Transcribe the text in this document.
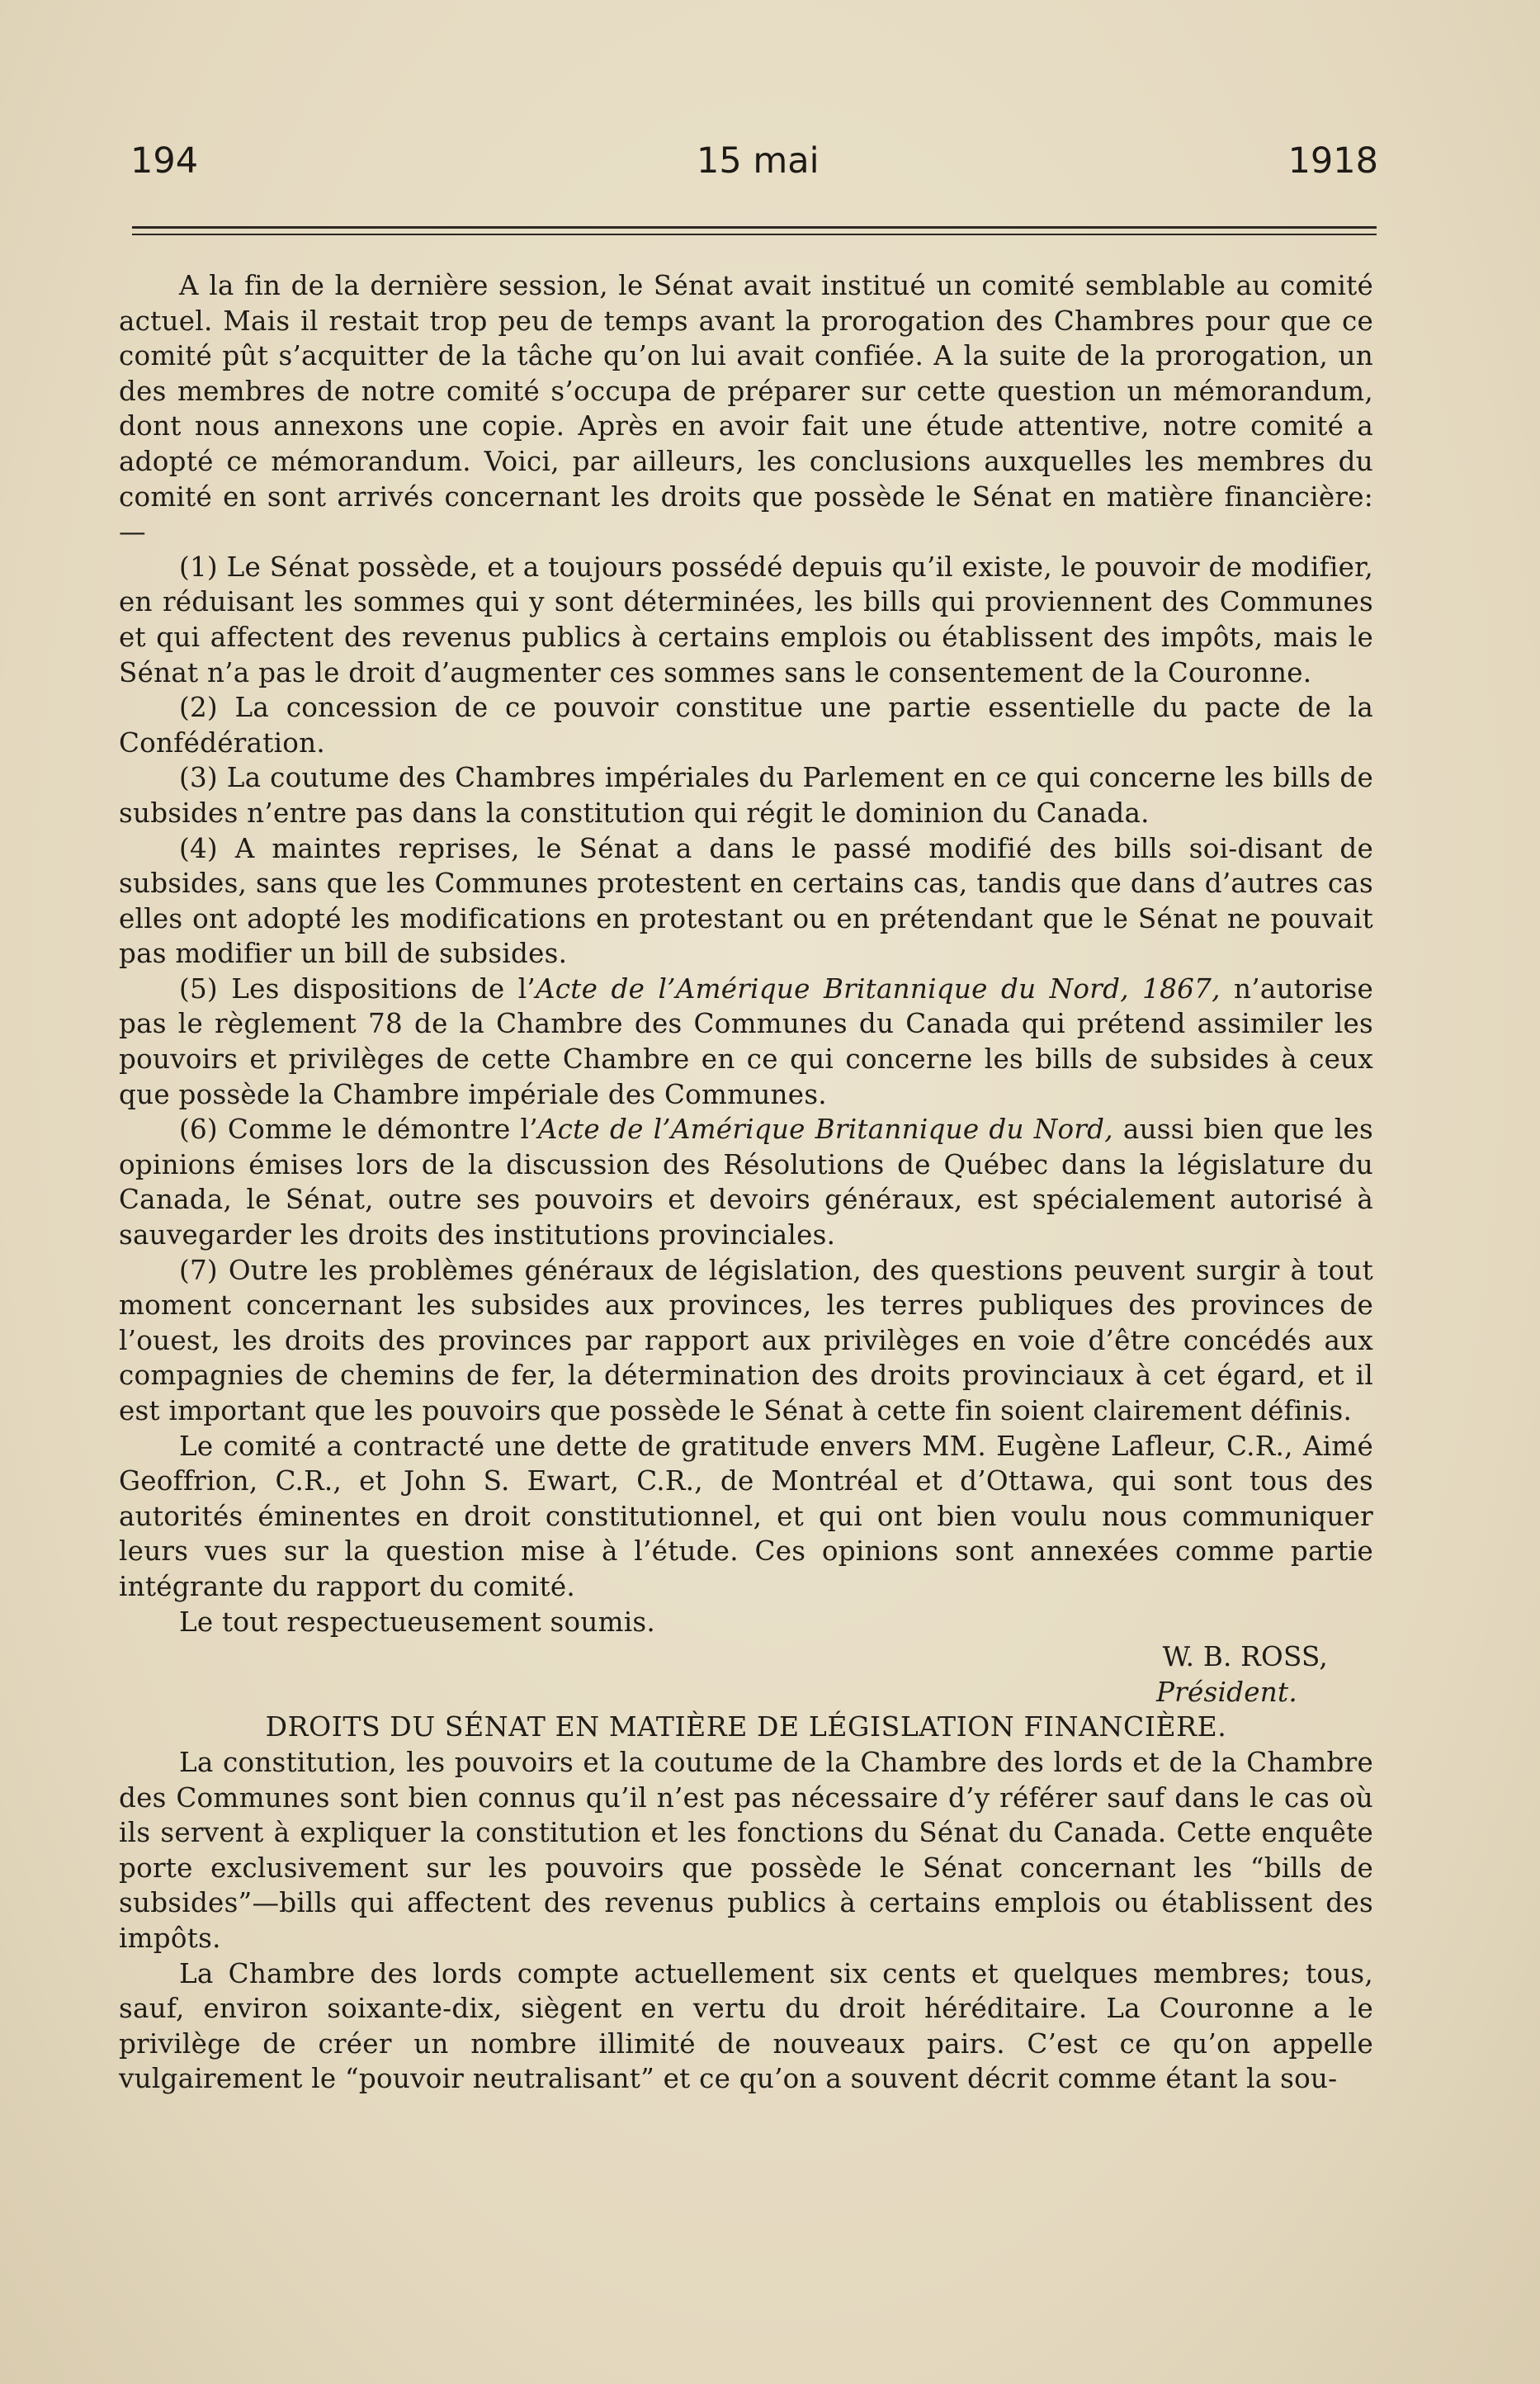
194	15 mai	1918

A la fin de la dernière session, le Sénat avait institué un comité semblable au comité actuel. Mais il restait trop peu de temps avant la prorogation des Chambres pour que ce comité pût s’acquitter de la tâche qu’on lui avait confiée. A la suite de la prorogation, un des membres de notre comité s’occupa de préparer sur cette question un mémorandum, dont nous annexons une copie. Après en avoir fait une étude attentive, notre comité a adopté ce mémorandum. Voici, par ailleurs, les conclusions auxquelles les membres du comité en sont arrivés concernant les droits que possède le Sénat en matière financière:—

(1) Le Sénat possède, et a toujours possédé depuis qu’il existe, le pouvoir de modifier, en réduisant les sommes qui y sont déterminées, les bills qui proviennent des Communes et qui affectent des revenus publics à certains emplois ou établissent des impôts, mais le Sénat n’a pas le droit d’augmenter ces sommes sans le consentement de la Couronne.

(2) La concession de ce pouvoir constitue une partie essentielle du pacte de la Confédération.

(3) La coutume des Chambres impériales du Parlement en ce qui concerne les bills de subsides n’entre pas dans la constitution qui régit le dominion du Canada.

(4) A maintes reprises, le Sénat a dans le passé modifié des bills soi-disant de subsides, sans que les Communes protestent en certains cas, tandis que dans d’autres cas elles ont adopté les modifications en protestant ou en prétendant que le Sénat ne pouvait pas modifier un bill de subsides.

(5) Les dispositions de l’Acte de l’Amérique Britannique du Nord, 1867, n’autorise pas le règlement 78 de la Chambre des Communes du Canada qui prétend assimiler les pouvoirs et privilèges de cette Chambre en ce qui concerne les bills de subsides à ceux que possède la Chambre impériale des Communes.

(6) Comme le démontre l’Acte de l’Amérique Britannique du Nord, aussi bien que les opinions émises lors de la discussion des Résolutions de Québec dans la législature du Canada, le Sénat, outre ses pouvoirs et devoirs généraux, est spécialement autorisé à sauvegarder les droits des institutions provinciales.

(7) Outre les problèmes généraux de législation, des questions peuvent surgir à tout moment concernant les subsides aux provinces, les terres publiques des provinces de l’ouest, les droits des provinces par rapport aux privilèges en voie d’être concédés aux compagnies de chemins de fer, la détermination des droits provinciaux à cet égard, et il est important que les pouvoirs que possède le Sénat à cette fin soient clairement définis.

Le comité a contracté une dette de gratitude envers MM. Eugène Lafleur, C.R., Aimé Geoffrion, C.R., et John S. Ewart, C.R., de Montréal et d’Ottawa, qui sont tous des autorités éminentes en droit constitutionnel, et qui ont bien voulu nous communiquer leurs vues sur la question mise à l’étude. Ces opinions sont annexées comme partie intégrante du rapport du comité.

Le tout respectueusement soumis.

W. B. ROSS,

Président.

DROITS DU SÉNAT EN MATIÈRE DE LÉGISLATION FINANCIÈRE.

La constitution, les pouvoirs et la coutume de la Chambre des lords et de la Chambre des Communes sont bien connus qu’il n’est pas nécessaire d’y référer sauf dans le cas où ils servent à expliquer la constitution et les fonctions du Sénat du Canada. Cette enquête porte exclusivement sur les pouvoirs que possède le Sénat concernant les “bills de subsides”—bills qui affectent des revenus publics à certains emplois ou établissent des impôts.

La Chambre des lords compte actuellement six cents et quelques membres; tous, sauf, environ soixante-dix, siègent en vertu du droit héréditaire. La Couronne a le privilège de créer un nombre illimité de nouveaux pairs. C’est ce qu’on appelle vulgairement le “pouvoir neutralisant” et ce qu’on a souvent décrit comme étant la sou-
